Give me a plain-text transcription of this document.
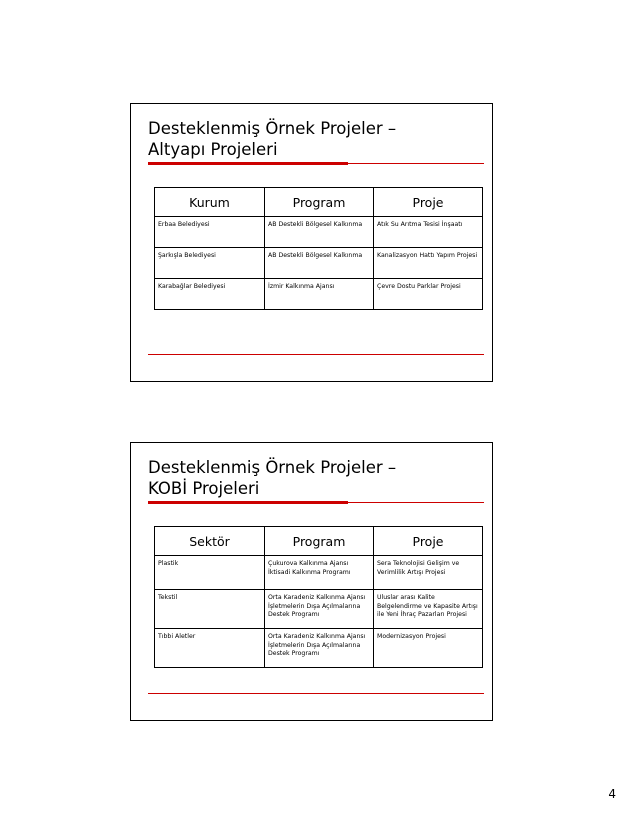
Desteklenmiş Örnek Projeler –
Altyapı Projeleri
Kurum	Program	Proje
Erbaa Belediyesi	AB Destekli Bölgesel Kalkınma	Atık Su Arıtma Tesisi İnşaatı
Şarkışla Belediyesi	AB Destekli Bölgesel Kalkınma	Kanalizasyon Hattı Yapım Projesi
Karabağlar Belediyesi	İzmir Kalkınma Ajansı	Çevre Dostu Parklar Projesi
Desteklenmiş Örnek Projeler –
KOBİ Projeleri
Sektör	Program	Proje
Plastik	Çukurova Kalkınma Ajansı İktisadi Kalkınma Programı	Sera Teknolojisi Gelişim ve Verimlilik Artışı Projesi
Tekstil	Orta Karadeniz Kalkınma Ajansı İşletmelerin Dışa Açılmalarına Destek Programı	Uluslar arası Kalite Belgelendirme ve Kapasite Artışı ile Yeni İhraç Pazarları Projesi
Tıbbi Aletler	Orta Karadeniz Kalkınma Ajansı İşletmelerin Dışa Açılmalarına Destek Programı	Modernizasyon Projesi
4
